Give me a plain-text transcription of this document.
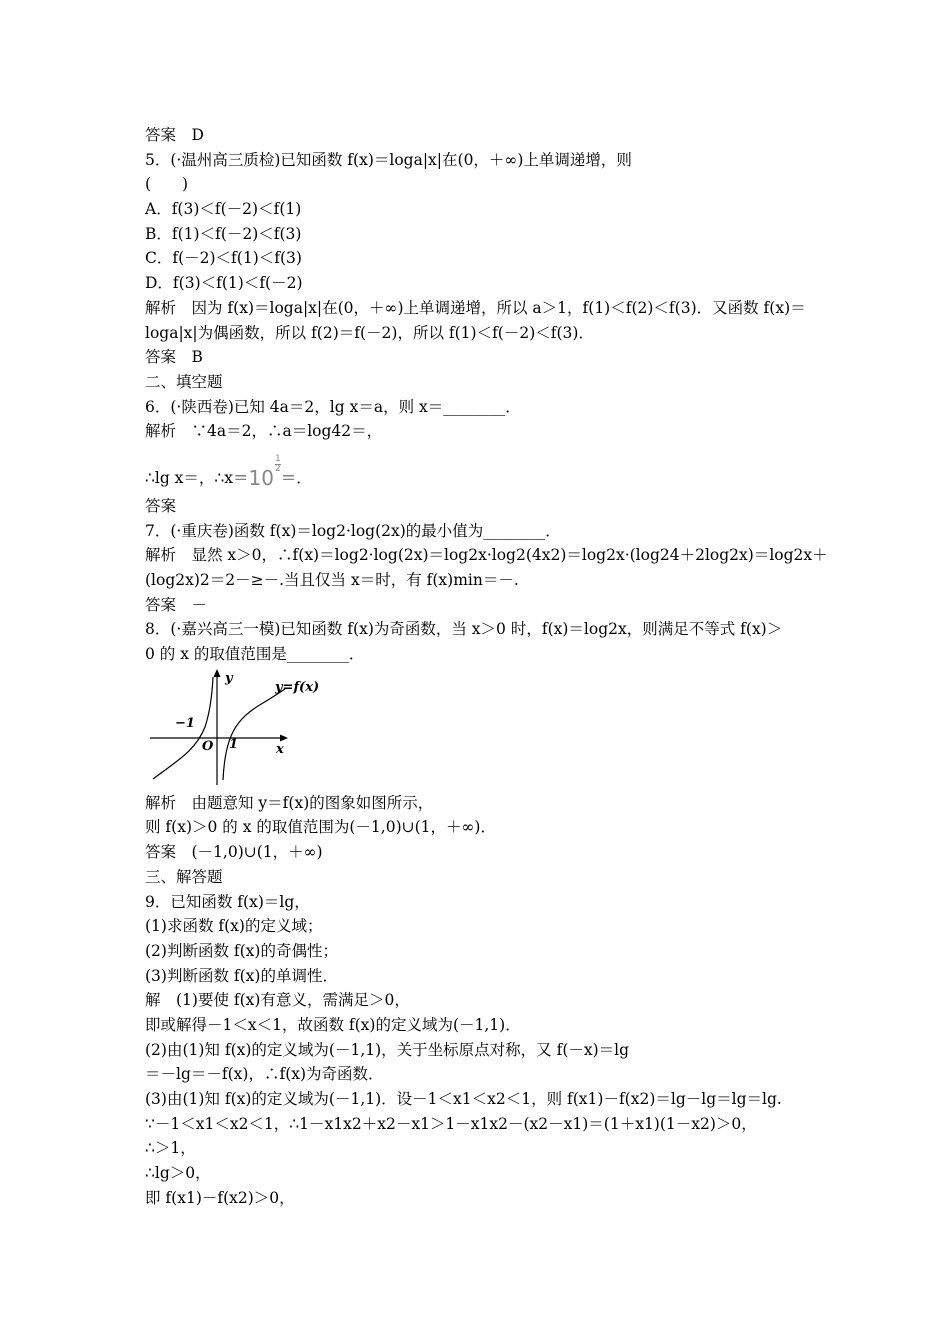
答案　D
5．(·温州高三质检)已知函数 f(x)＝loga|x|在(0，＋∞)上单调递增，则
(　　)
A．f(3)＜f(－2)＜f(1)
B．f(1)＜f(－2)＜f(3)
C．f(－2)＜f(1)＜f(3)
D．f(3)＜f(1)＜f(－2)
解析　因为 f(x)＝loga|x|在(0，＋∞)上单调递增，所以 a＞1，f(1)＜f(2)＜f(3)．又函数 f(x)＝
loga|x|为偶函数，所以 f(2)＝f(－2)，所以 f(1)＜f(－2)＜f(3)．
答案　B
二、填空题
6．(·陕西卷)已知 4a＝2，lg x＝a，则 x＝________．
解析　∵4a＝2，∴a＝log42＝，
∴lg x＝，∴x＝10
$\frac{1}{2}$
＝．
答案
7．(·重庆卷)函数 f(x)＝log2·log(2x)的最小值为________．
解析　显然 x＞0，∴f(x)＝log2·log(2x)＝log2x·log2(4x2)＝log2x·(log24＋2log2x)＝log2x＋
(log2x)2＝2－≥－.当且仅当 x＝时，有 f(x)min＝－.
答案　－
8．(·嘉兴高三一模)已知函数 f(x)为奇函数，当 x＞0 时，f(x)＝log2x，则满足不等式 f(x)＞
0 的 x 的取值范围是________．
y
y=f(x)
−1
O 1	x
解析　由题意知 y＝f(x)的图象如图所示，
则 f(x)＞0 的 x 的取值范围为(－1,0)∪(1，＋∞)．
答案　(－1,0)∪(1，＋∞)
三、解答题
9．已知函数 f(x)＝lg，
(1)求函数 f(x)的定义域；
(2)判断函数 f(x)的奇偶性；
(3)判断函数 f(x)的单调性．
解　(1)要使 f(x)有意义，需满足＞0，
即或解得－1＜x＜1，故函数 f(x)的定义域为(－1,1)．
(2)由(1)知 f(x)的定义域为(－1,1)，关于坐标原点对称，又 f(－x)＝lg
＝－lg＝－f(x)，∴f(x)为奇函数．
(3)由(1)知 f(x)的定义域为(－1,1)．设－1＜x1＜x2＜1，则 f(x1)－f(x2)＝lg－lg＝lg＝lg.
∵－1＜x1＜x2＜1，∴1－x1x2＋x2－x1＞1－x1x2－(x2－x1)＝(1＋x1)(1－x2)＞0，
∴＞1，
∴lg＞0，
即 f(x1)－f(x2)＞0，
